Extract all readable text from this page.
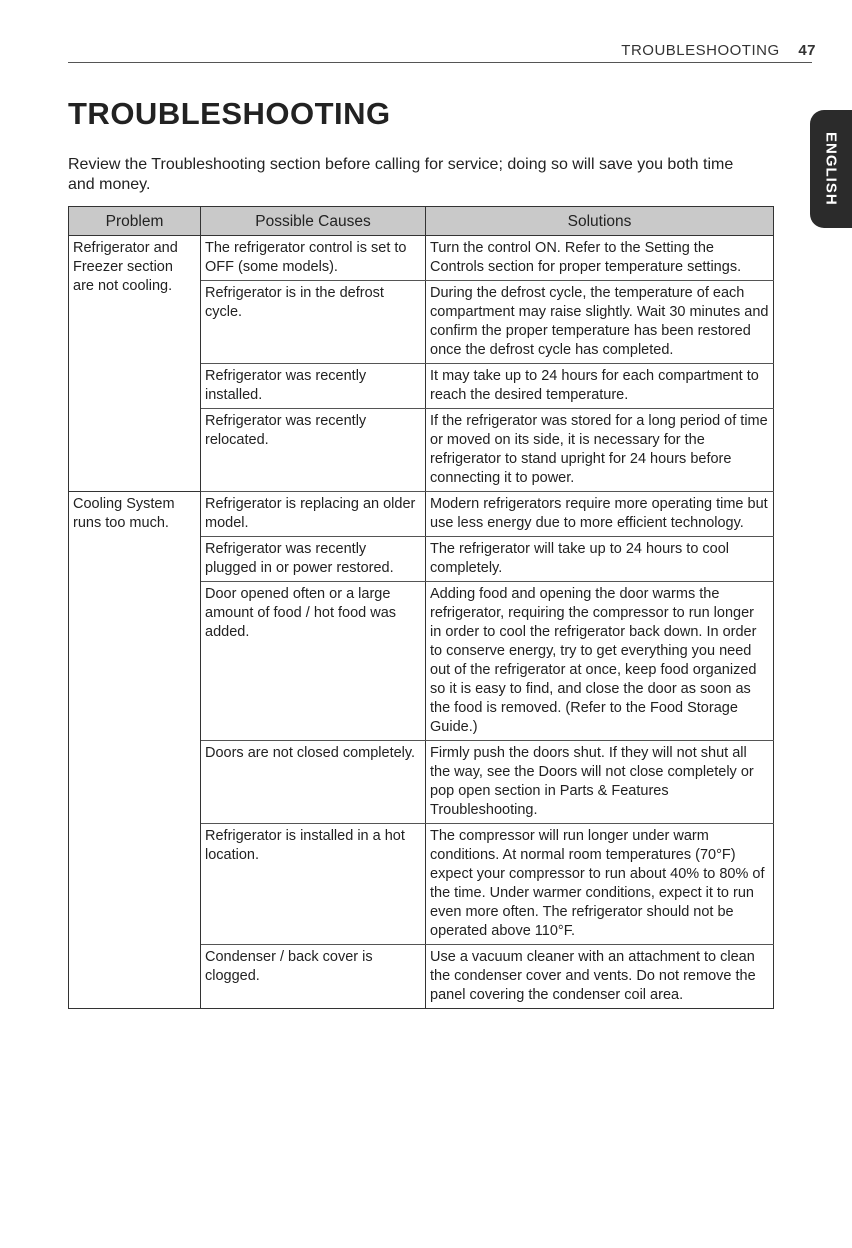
TROUBLESHOOTING 47
TROUBLESHOOTING

Review the Troubleshooting section before calling for service; doing so will save you both time and money.	ENGLISH
Problem	Possible Causes	Solutions
Refrigerator and Freezer section are not cooling.	The refrigerator control is set to OFF (some models).	Turn the control ON. Refer to the Setting the Controls section for proper temperature settings.
	Refrigerator is in the defrost cycle.	During the defrost cycle, the temperature of each compartment may raise slightly. Wait 30 minutes and confirm the proper temperature has been restored once the defrost cycle has completed.
	Refrigerator was recently installed.	It may take up to 24 hours for each compartment to reach the desired temperature.
	Refrigerator was recently relocated.	If the refrigerator was stored for a long period of time or moved on its side, it is necessary for the refrigerator to stand upright for 24 hours before connecting it to power.
Cooling System runs too much.	Refrigerator is replacing an older model.	Modern refrigerators require more operating time but use less energy due to more efficient technology.
	Refrigerator was recently plugged in or power restored.	The refrigerator will take up to 24 hours to cool completely.
	Door opened often or a large amount of food / hot food was added.	Adding food and opening the door warms the refrigerator, requiring the compressor to run longer in order to cool the refrigerator back down. In order to conserve energy, try to get everything you need out of the refrigerator at once, keep food organized so it is easy to find, and close the door as soon as the food is removed. (Refer to the Food Storage Guide.)
	Doors are not closed completely.	Firmly push the doors shut. If they will not shut all the way, see the Doors will not close completely or pop open section in Parts & Features Troubleshooting.
	Refrigerator is installed in a hot location.	The compressor will run longer under warm conditions. At normal room temperatures (70°F) expect your compressor to run about 40% to 80% of the time. Under warmer conditions, expect it to run even more often. The refrigerator should not be operated above 110°F.
	Condenser / back cover is clogged.	Use a vacuum cleaner with an attachment to clean the condenser cover and vents. Do not remove the panel covering the condenser coil area.
